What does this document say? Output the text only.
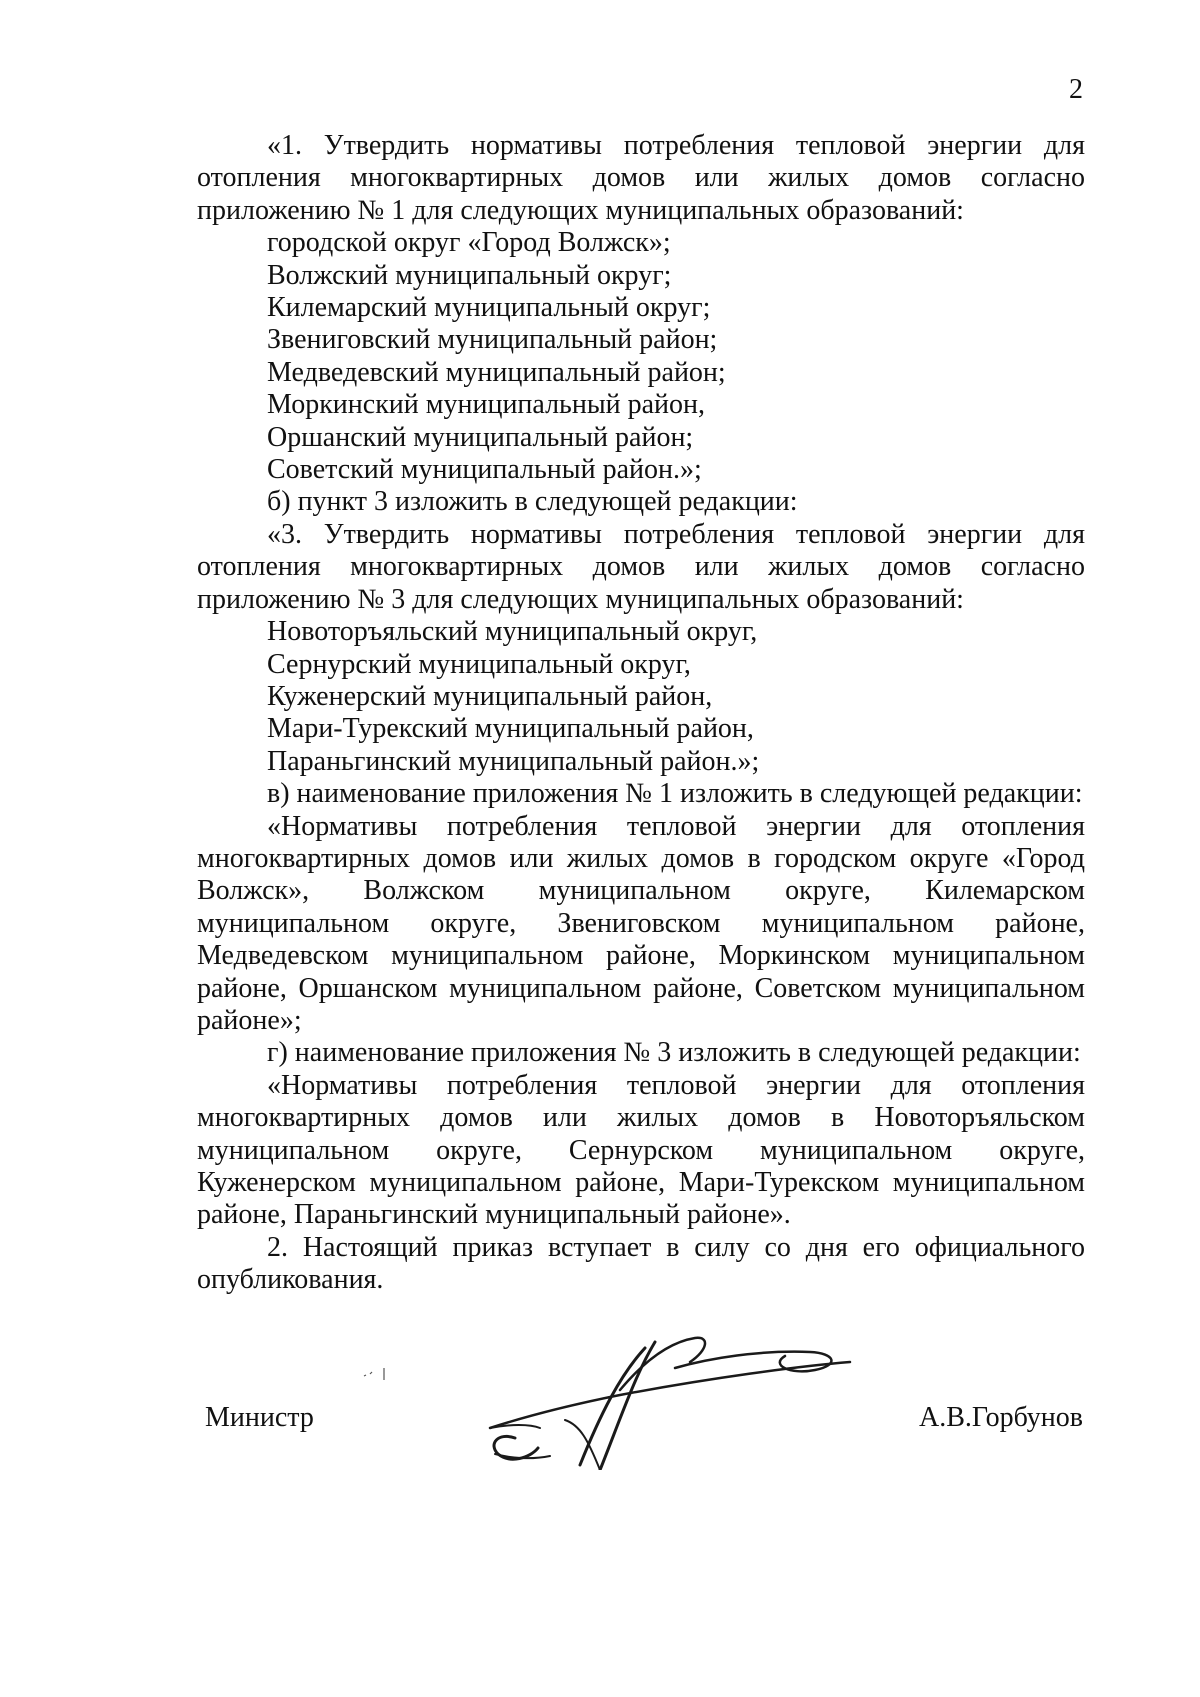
2

«1. Утвердить нормативы потребления тепловой энергии для отопления многоквартирных домов или жилых домов согласно приложению № 1 для следующих муниципальных образований:

городской округ «Город Волжск»;

Волжский муниципальный округ;

Килемарский муниципальный округ;

Звениговский муниципальный район;

Медведевский муниципальный район;

Моркинский муниципальный район,

Оршанский муниципальный район;

Советский муниципальный район.»;

б) пункт 3 изложить в следующей редакции:

«3. Утвердить нормативы потребления тепловой энергии для отопления многоквартирных домов или жилых домов согласно приложению № 3 для следующих муниципальных образований:

Новоторъяльский муниципальный округ,

Сернурский муниципальный округ,

Куженерский муниципальный район,

Мари-Турекский муниципальный район,

Параньгинский муниципальный район.»;

в) наименование приложения № 1 изложить в следующей редакции:

«Нормативы потребления тепловой энергии для отопления многоквартирных домов или жилых домов в городском округе «Город Волжск», Волжском муниципальном округе, Килемарском муниципальном округе, Звениговском муниципальном районе, Медведевском муниципальном районе, Моркинском муниципальном районе, Оршанском муниципальном районе, Советском муниципальном районе»;

г) наименование приложения № 3 изложить в следующей редакции:

«Нормативы потребления тепловой энергии для отопления многоквартирных домов или жилых домов в Новоторъяльском муниципальном округе, Сернурском муниципальном округе, Куженерском муниципальном районе, Мари-Турекском муниципальном районе, Параньгинский муниципальный районе».

2. Настоящий приказ вступает в силу со дня его официального опубликования.

Министр	А.В.Горбунов
